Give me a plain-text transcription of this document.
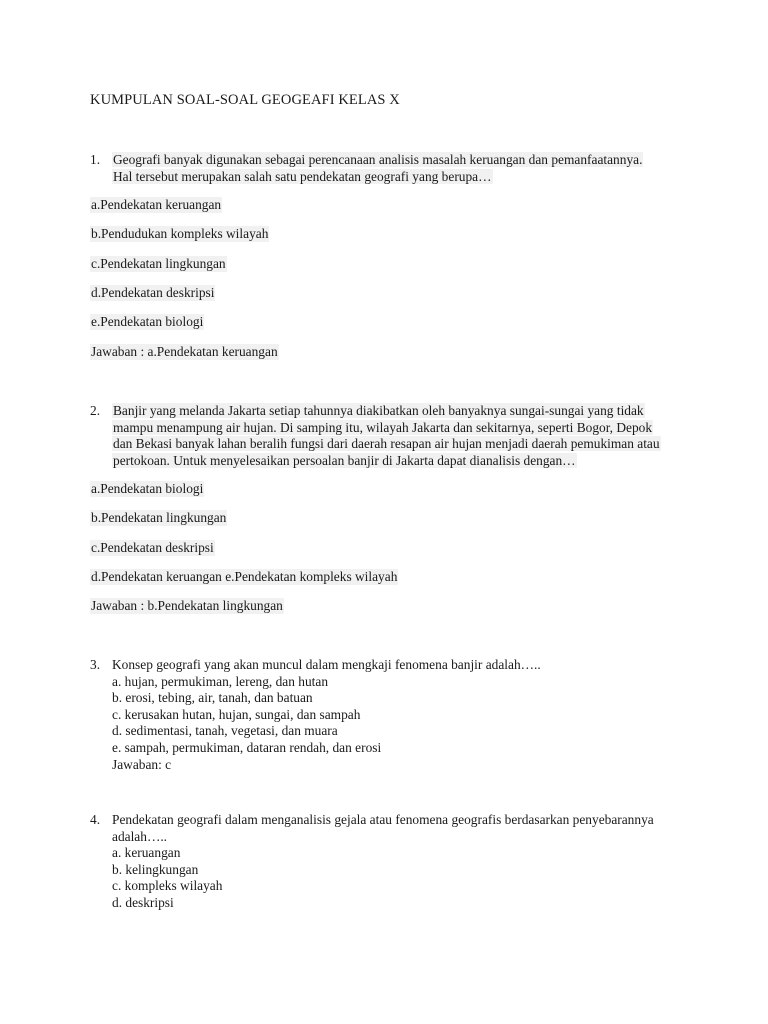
KUMPULAN SOAL-SOAL GEOGEAFI KELAS X
1. Geografi banyak digunakan sebagai perencanaan analisis masalah keruangan dan pemanfaatannya.
Hal tersebut merupakan salah satu pendekatan geografi yang berupa…
a.Pendekatan keruangan
b.Pendudukan kompleks wilayah
c.Pendekatan lingkungan
d.Pendekatan deskripsi
e.Pendekatan biologi
Jawaban : a.Pendekatan keruangan
2. Banjir yang melanda Jakarta setiap tahunnya diakibatkan oleh banyaknya sungai-sungai yang tidak
mampu menampung air hujan. Di samping itu, wilayah Jakarta dan sekitarnya, seperti Bogor, Depok
dan Bekasi banyak lahan beralih fungsi dari daerah resapan air hujan menjadi daerah pemukiman atau
pertokoan. Untuk menyelesaikan persoalan banjir di Jakarta dapat dianalisis dengan…
a.Pendekatan biologi
b.Pendekatan lingkungan
c.Pendekatan deskripsi
d.Pendekatan keruangan e.Pendekatan kompleks wilayah
Jawaban : b.Pendekatan lingkungan
3. Konsep geografi yang akan muncul dalam mengkaji fenomena banjir adalah…..
a. hujan, permukiman, lereng, dan hutan
b. erosi, tebing, air, tanah, dan batuan
c. kerusakan hutan, hujan, sungai, dan sampah
d. sedimentasi, tanah, vegetasi, dan muara
e. sampah, permukiman, dataran rendah, dan erosi
Jawaban: c
4. Pendekatan geografi dalam menganalisis gejala atau fenomena geografis berdasarkan penyebarannya
adalah…..
a. keruangan
b. kelingkungan
c. kompleks wilayah
d. deskripsi
